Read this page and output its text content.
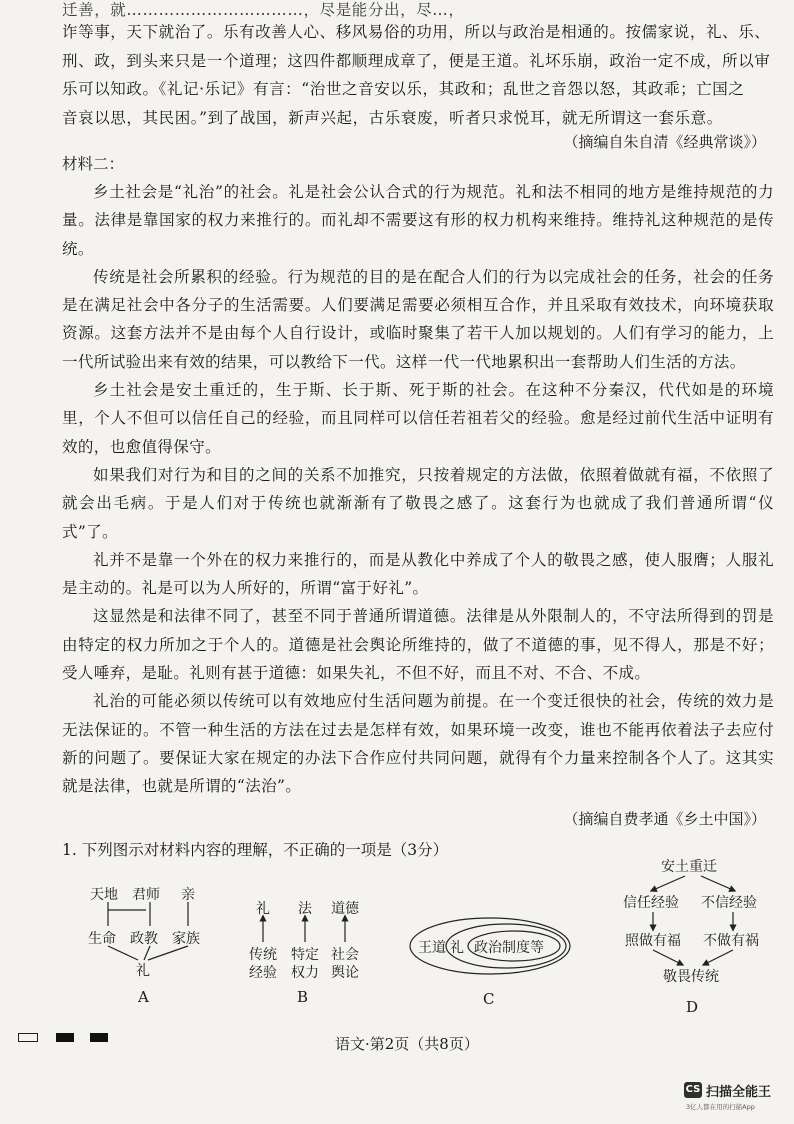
迁善，就……………………………，尽是能分出，尽…，

诈等事，天下就治了。乐有改善人心、移风易俗的功用，所以与政治是相通的。按儒家说，礼、乐、

刑、政，到头来只是一个道理；这四件都顺理成章了，便是王道。礼坏乐崩，政治一定不成，所以审

乐可以知政。《礼记·乐记》有言：“治世之音安以乐，其政和；乱世之音怨以怒，其政乖；亡国之

音哀以思，其民困。”到了战国，新声兴起，古乐衰废，听者只求悦耳，就无所谓这一套乐意。

（摘编自朱自清《经典常谈》）
材料二：

乡土社会是“礼治”的社会。礼是社会公认合式的行为规范。礼和法不相同的地方是维持规范的力量。法律是靠国家的权力来推行的。而礼却不需要这有形的权力机构来维持。维持礼这种规范的是传统。

传统是社会所累积的经验。行为规范的目的是在配合人们的行为以完成社会的任务，社会的任务是在满足社会中各分子的生活需要。人们要满足需要必须相互合作，并且采取有效技术，向环境获取资源。这套方法并不是由每个人自行设计，或临时聚集了若干人加以规划的。人们有学习的能力，上一代所试验出来有效的结果，可以教给下一代。这样一代一代地累积出一套帮助人们生活的方法。

乡土社会是安土重迁的，生于斯、长于斯、死于斯的社会。在这种不分秦汉，代代如是的环境里，个人不但可以信任自己的经验，而且同样可以信任若祖若父的经验。愈是经过前代生活中证明有效的，也愈值得保守。

如果我们对行为和目的之间的关系不加推究，只按着规定的方法做，依照着做就有福，不依照了就会出毛病。于是人们对于传统也就渐渐有了敬畏之感了。这套行为也就成了我们普通所谓“仪式”了。

礼并不是靠一个外在的权力来推行的，而是从教化中养成了个人的敬畏之感，使人服膺；人服礼是主动的。礼是可以为人所好的，所谓“富于好礼”。

这显然是和法律不同了，甚至不同于普通所谓道德。法律是从外限制人的，不守法所得到的罚是由特定的权力所加之于个人的。道德是社会舆论所维持的，做了不道德的事，见不得人，那是不好；受人唾弃，是耻。礼则有甚于道德：如果失礼，不但不好，而且不对、不合、不成。

礼治的可能必须以传统可以有效地应付生活问题为前提。在一个变迁很快的社会，传统的效力是无法保证的。不管一种生活的方法在过去是怎样有效，如果环境一改变，谁也不能再依着法子去应付新的问题了。要保证大家在规定的办法下合作应付共同问题，就得有个力量来控制各个人了。这其实就是法律，也就是所谓的“法治”。

（摘编自费孝通《乡土中国》）
1. 下列图示对材料内容的理解，不正确的一项是（3分）
天地 君师 亲
生命 政教 家族
礼
A
礼 法 道德
传统
经验
特定
权力
社会
舆论
B
王道 礼 政治制度等
C
安土重迁
信任经验 不信经验
照做有福 不做有祸
敬畏传统
D
语文·第2页（共8页）
CS 扫描全能王
3亿人都在用的扫描App
